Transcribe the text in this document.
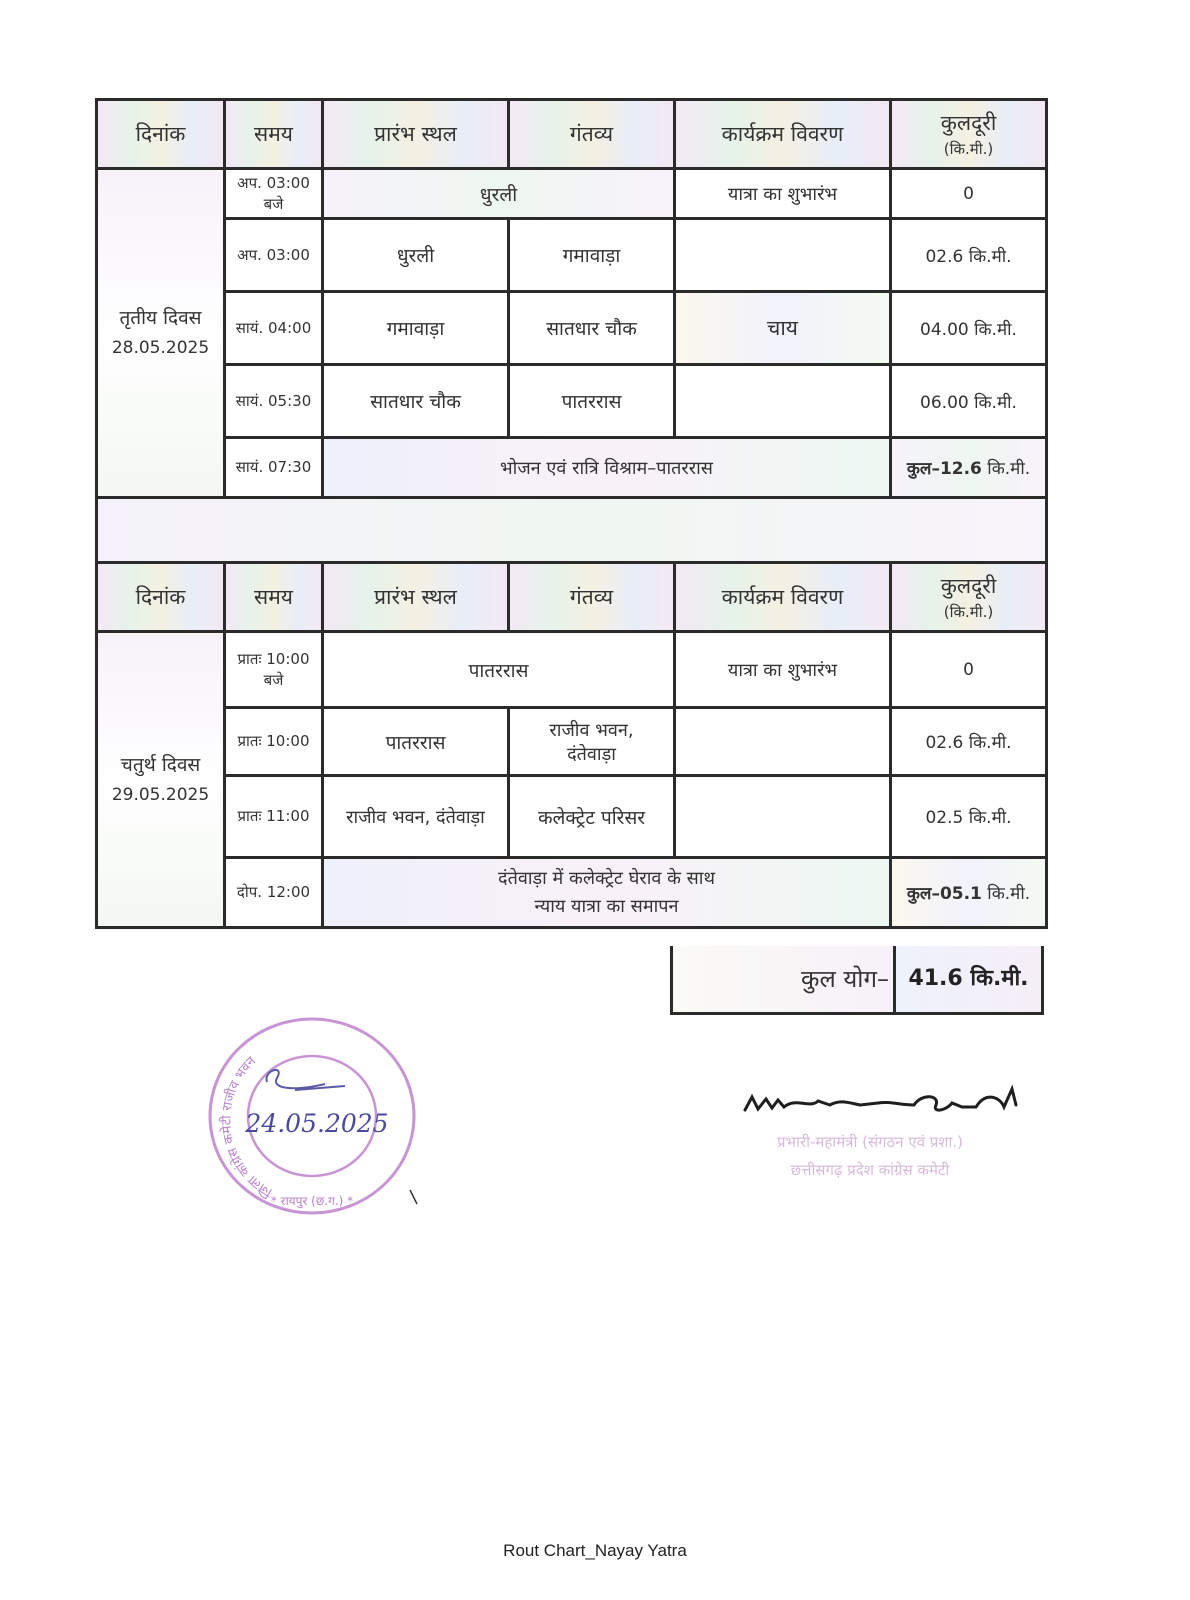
दिनांक	समय	प्रारंभ स्थल	गंतव्य	कार्यक्रम विवरण	कुलदूरी
(कि.मी.)

तृतीय दिवस
28.05.2025	अप. 03:00
बजे	धुरली		यात्रा का शुभारंभ	0
	अप. 03:00	धुरली	गमावाड़ा		02.6 कि.मी.
	सायं. 04:00	गमावाड़ा	सातधार चौक	चाय	04.00 कि.मी.
	सायं. 05:30	सातधार चौक	पातररास		06.00 कि.मी.
	सायं. 07:30	भोजन एवं रात्रि विश्राम–पातररास			कुल–12.6 कि.मी.

दिनांक	समय	प्रारंभ स्थल	गंतव्य	कार्यक्रम विवरण	कुलदूरी
(कि.मी.)

चतुर्थ दिवस
29.05.2025	प्रातः 10:00
बजे	पातररास		यात्रा का शुभारंभ	0
	प्रातः 10:00	पातररास	राजीव भवन,
दंतेवाड़ा		02.6 कि.मी.
	प्रातः 11:00	राजीव भवन, दंतेवाड़ा	कलेक्ट्रेट परिसर		02.5 कि.मी.
	दोप. 12:00	दंतेवाड़ा में कलेक्ट्रेट घेराव के साथ
न्याय यात्रा का समापन			कुल–05.1 कि.मी.
कुल योग– 41.6 कि.मी.
जिला कांग्रेस कमेटी राजीव भवन
* रायपुर (छ.ग.) *
24.05.2025
प्रभारी-महामंत्री (संगठन एवं प्रशा.)
छत्तीसगढ़ प्रदेश कांग्रेस कमेटी
Rout Chart_Nayay Yatra
